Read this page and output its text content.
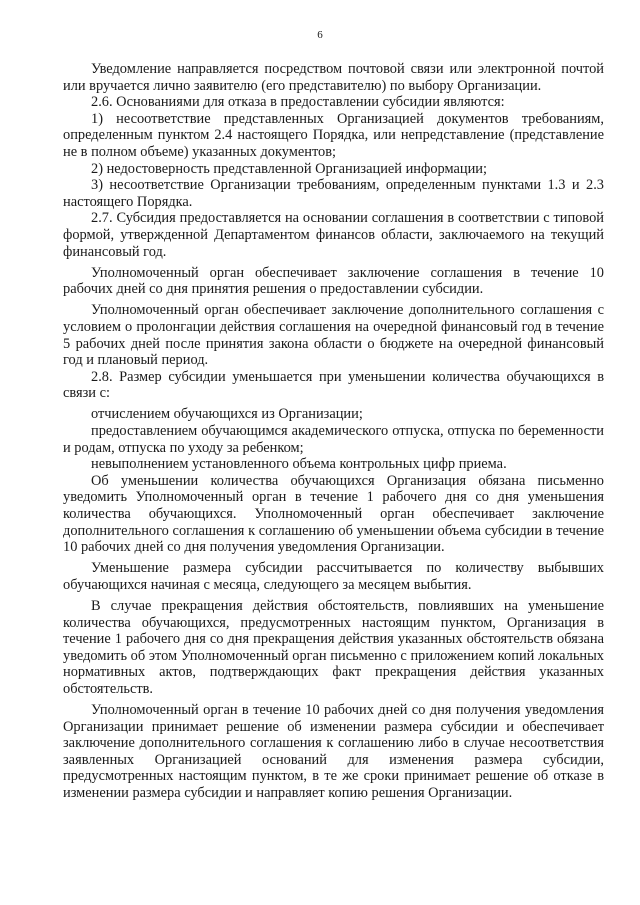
6

Уведомление направляется посредством почтовой связи или электронной почтой или вручается лично заявителю (его представителю) по выбору Организации.

2.6. Основаниями для отказа в предоставлении субсидии являются:

1) несоответствие представленных Организацией документов требованиям, определенным пунктом 2.4 настоящего Порядка, или непредставление (представление не в полном объеме) указанных документов;

2) недостоверность представленной Организацией информации;

3) несоответствие Организации требованиям, определенным пунктами 1.3 и 2.3 настоящего Порядка.

2.7. Субсидия предоставляется на основании соглашения в соответствии с типовой формой, утвержденной Департаментом финансов области, заключаемого на текущий финансовый год.

Уполномоченный орган обеспечивает заключение соглашения в течение 10 рабочих дней со дня принятия решения о предоставлении субсидии.

Уполномоченный орган обеспечивает заключение дополнительного соглашения с условием о пролонгации действия соглашения на очередной финансовый год в течение 5 рабочих дней после принятия закона области о бюджете на очередной финансовый год и плановый период.

2.8. Размер субсидии уменьшается при уменьшении количества обучающихся в связи с:

отчислением обучающихся из Организации;

предоставлением обучающимся академического отпуска, отпуска по беременности и родам, отпуска по уходу за ребенком;

невыполнением установленного объема контрольных цифр приема.

Об уменьшении количества обучающихся Организация обязана письменно уведомить Уполномоченный орган в течение 1 рабочего дня со дня уменьшения количества обучающихся. Уполномоченный орган обеспечивает заключение дополнительного соглашения к соглашению об уменьшении объема субсидии в течение 10 рабочих дней со дня получения уведомления Организации.

Уменьшение размера субсидии рассчитывается по количеству выбывших обучающихся начиная с месяца, следующего за месяцем выбытия.

В случае прекращения действия обстоятельств, повлиявших на уменьшение количества обучающихся, предусмотренных настоящим пунктом, Организация в течение 1 рабочего дня со дня прекращения действия указанных обстоятельств обязана уведомить об этом Уполномоченный орган письменно с приложением копий локальных нормативных актов, подтверждающих факт прекращения действия указанных обстоятельств.

Уполномоченный орган в течение 10 рабочих дней со дня получения уведомления Организации принимает решение об изменении размера субсидии и обеспечивает заключение дополнительного соглашения к соглашению либо в случае несоответствия заявленных Организацией оснований для изменения размера субсидии, предусмотренных настоящим пунктом, в те же сроки принимает решение об отказе в изменении размера субсидии и направляет копию решения Организации.
